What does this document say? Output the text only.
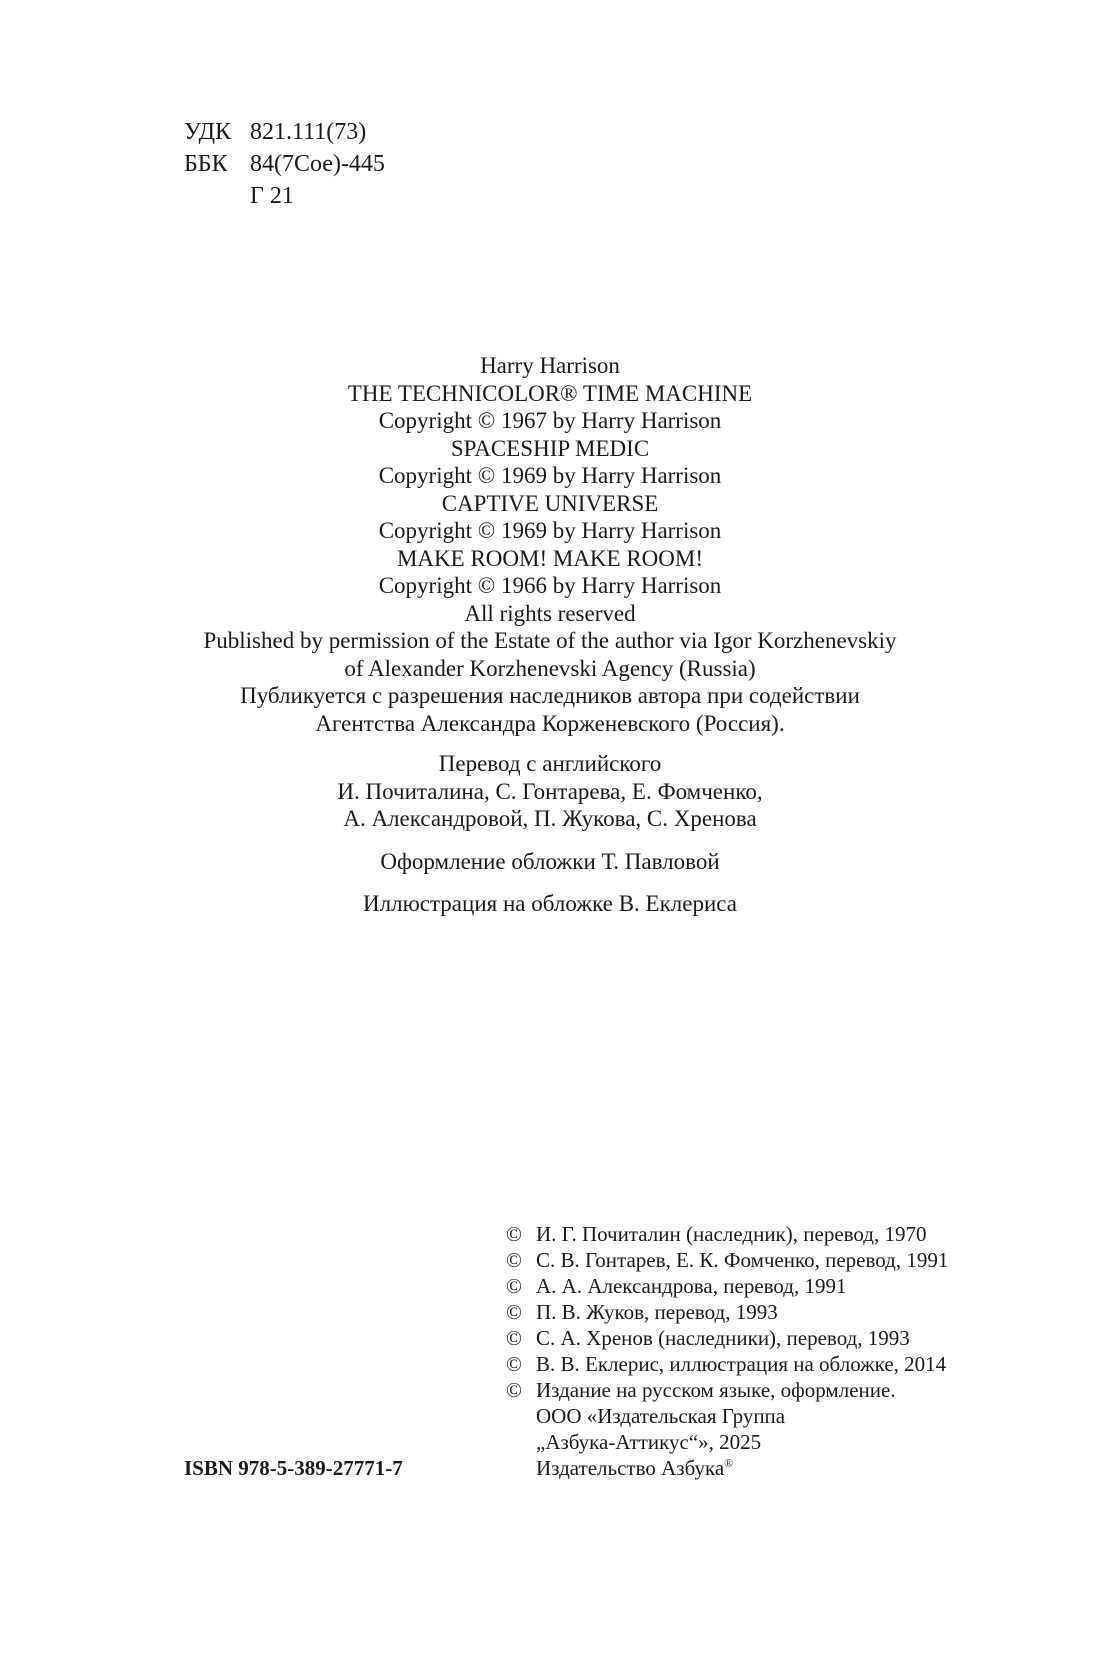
УДК 821.111(73)
ББК 84(7Сое)-445
Г 21
Harry Harrison
THE TECHNICOLOR® TIME MACHINE
Copyright © 1967 by Harry Harrison
SPACESHIP MEDIC
Copyright © 1969 by Harry Harrison
CAPTIVE UNIVERSE
Copyright © 1969 by Harry Harrison
MAKE ROOM! MAKE ROOM!
Copyright © 1966 by Harry Harrison
All rights reserved
Published by permission of the Estate of the author via Igor Korzhenevskiy
of Alexander Korzhenevski Agency (Russia)
Публикуется с разрешения наследников автора при содействии
Агентства Александра Корженевского (Россия).
Перевод с английского
И. Почиталина, С. Гонтарева, Е. Фомченко,
А. Александровой, П. Жукова, С. Хренова
Оформление обложки Т. Павловой
Иллюстрация на обложке В. Еклериса
© И. Г. Почиталин (наследник), перевод, 1970
© С. В. Гонтарев, Е. К. Фомченко, перевод, 1991
© А. А. Александрова, перевод, 1991
© П. В. Жуков, перевод, 1993
© С. А. Хренов (наследники), перевод, 1993
© В. В. Еклерис, иллюстрация на обложке, 2014
© Издание на русском языке, оформление.
ООО «Издательская Группа
„Азбука-Аттикус“», 2025
Издательство Азбука®
ISBN 978-5-389-27771-7
